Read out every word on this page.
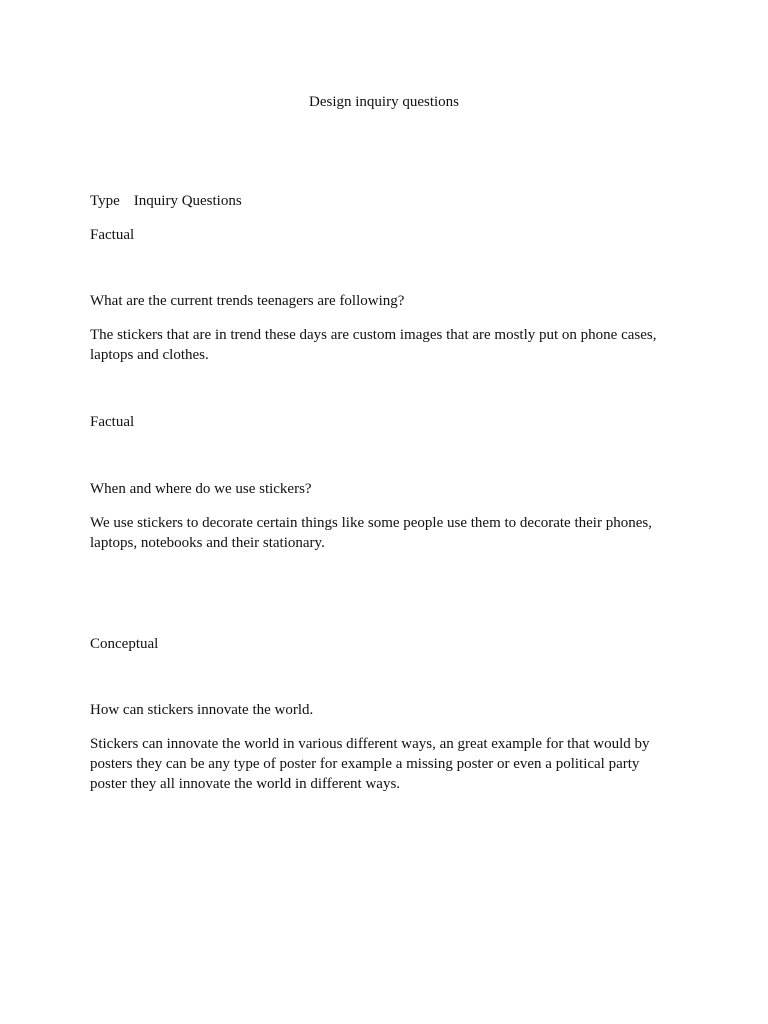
Design inquiry questions

Type Inquiry Questions

Factual

What are the current trends teenagers are following?

The stickers that are in trend these days are custom images that are mostly put on phone cases, laptops and clothes.

Factual

When and where do we use stickers?

We use stickers to decorate certain things like some people use them to decorate their phones, laptops, notebooks and their stationary.

Conceptual

How can stickers innovate the world.

Stickers can innovate the world in various different ways, an great example for that would by posters they can be any type of poster for example a missing poster or even a political party poster they all innovate the world in different ways.
